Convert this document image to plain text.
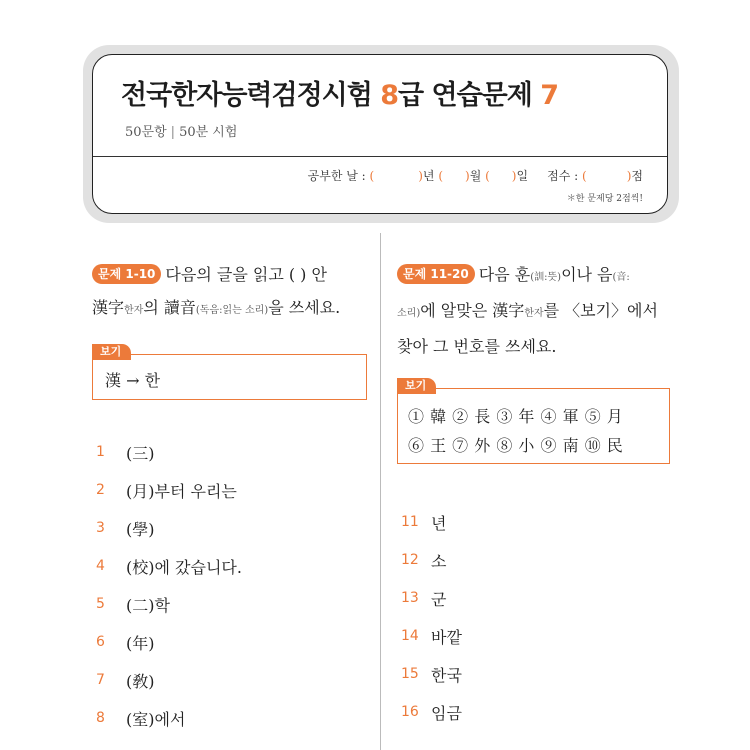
전국한자능력검정시험 8급 연습문제 7
50문항 | 50분 시험
공부한 날 : (	)년 ( )월 ( )일 점수 : (	)점
＊한 문제당 2점씩!
문제 1-10 다음의 글을 읽고 ( ) 안
漢字한자의 讀音(독음:읽는 소리)을 쓰세요.
보기
漢 → 한
1	(三)
2	(月)부터 우리는
3	(學)
4	(校)에 갔습니다.
5	(二)학
6	(年)
7	(敎)
8	(室)에서
문제 11-20 다음 훈(訓:뜻)이나 음(音:
소리)에 알맞은 漢字한자를 〈보기〉에서
찾아 그 번호를 쓰세요.
보기
① 韓 ② 長 ③ 年 ④ 軍 ⑤ 月
⑥ 王 ⑦ 外 ⑧ 小 ⑨ 南 ⑩ 民
11 년
12 소
13 군
14 바깥
15 한국
16 임금
